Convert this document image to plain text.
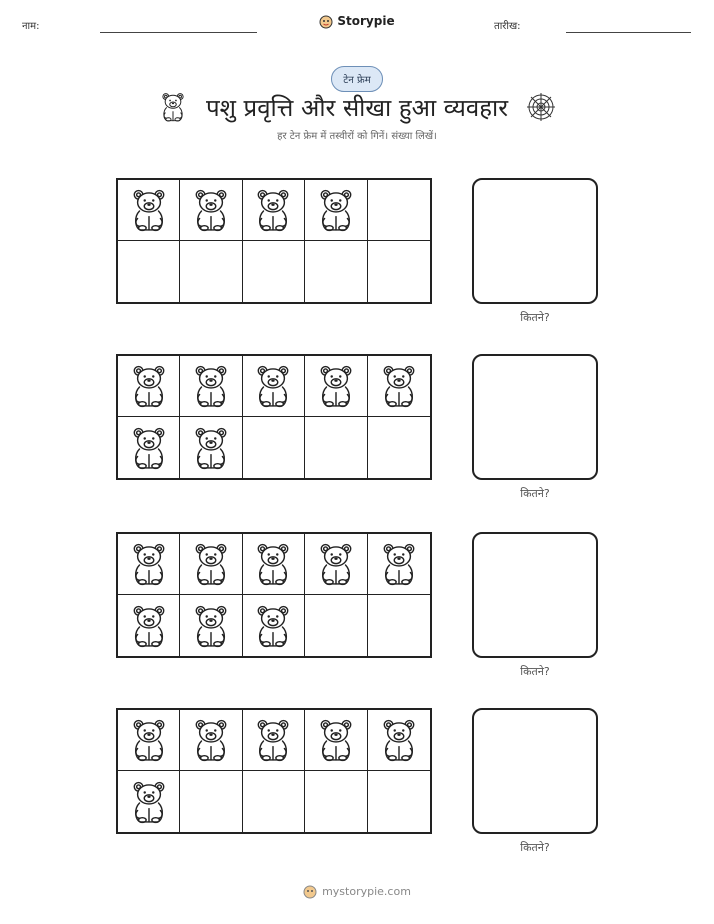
नाम:	Storypie	तारीख:
टेन फ्रेम
पशु प्रवृत्ति और सीखा हुआ व्यवहार
हर टेन फ्रेम में तस्वीरों को गिनें। संख्या लिखें।
कितने?
कितने?
कितने?
कितने?
mystorypie.com
